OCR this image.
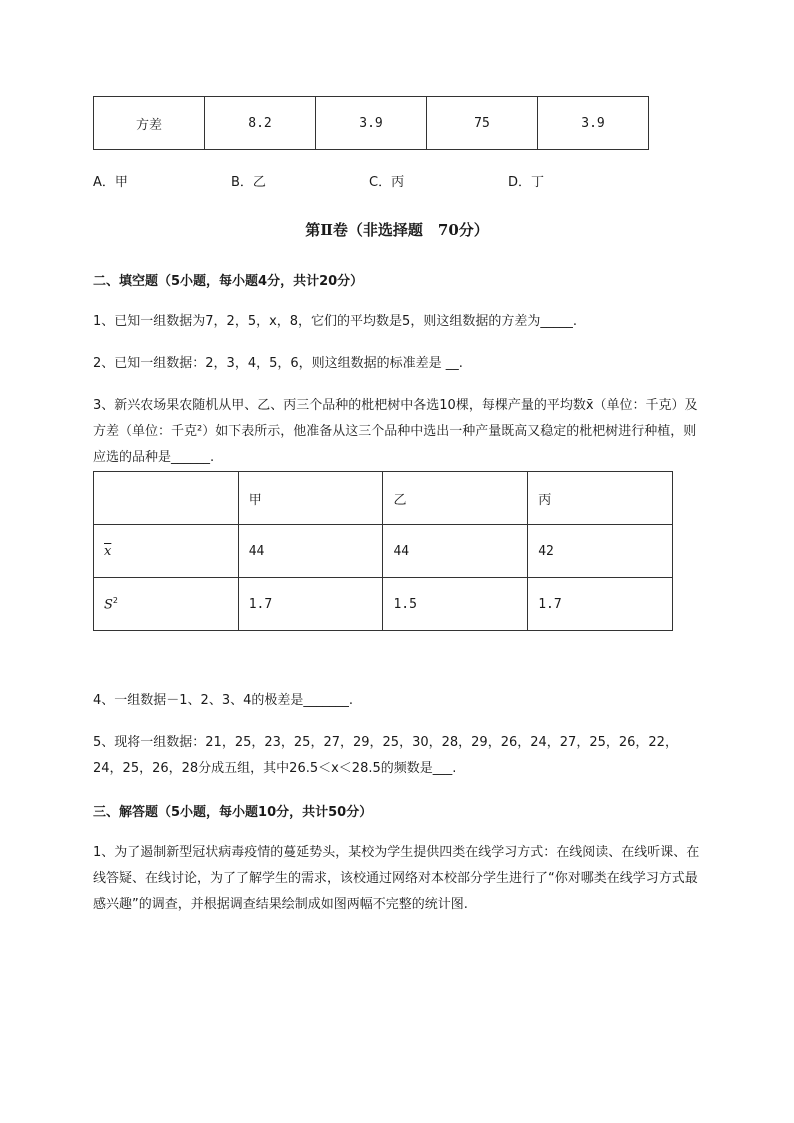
方差	8.2	3.9	75	3.9
A．甲	B．乙	C．丙	D．丁
第Ⅱ卷（非选择题　70分）
二、填空题（5小题，每小题4分，共计20分）
1、已知一组数据为7，2，5，x，8，它们的平均数是5，则这组数据的方差为_____.
2、已知一组数据：2，3，4，5，6，则这组数据的标准差是 __.
3、新兴农场果农随机从甲、乙、丙三个品种的枇杷树中各选10棵，每棵产量的平均数x̄（单位：千克）及方差（单位：千克²）如下表所示，他准备从这三个品种中选出一种产量既高又稳定的枇杷树进行种植，则应选的品种是______.
	甲	乙	丙
$\overline{x}$	44	44	42
$S^2$	1.7	1.5	1.7
4、一组数据－1、2、3、4的极差是_______.
5、现将一组数据：21，25，23，25，27，29，25，30，28，29，26，24，27，25，26，22，24，25，26，28分成五组，其中26.5＜x＜28.5的频数是___.
三、解答题（5小题，每小题10分，共计50分）
1、为了遏制新型冠状病毒疫情的蔓延势头，某校为学生提供四类在线学习方式：在线阅读、在线听课、在线答疑、在线讨论，为了了解学生的需求，该校通过网络对本校部分学生进行了“你对哪类在线学习方式最感兴趣”的调查，并根据调查结果绘制成如图两幅不完整的统计图.
